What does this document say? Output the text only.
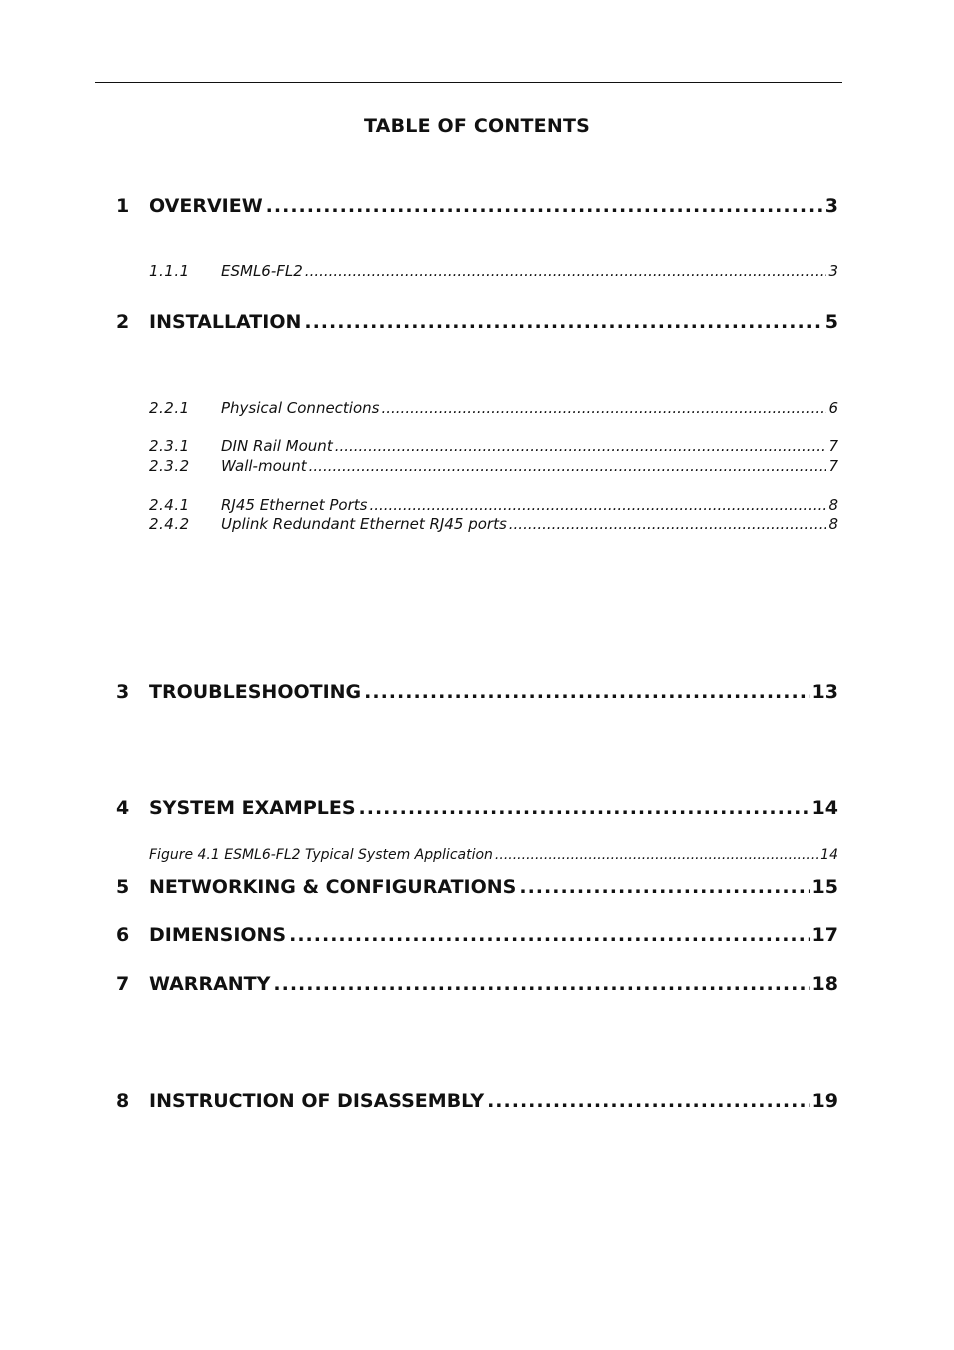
TABLE OF CONTENTS
1 OVERVIEW .....	3
1.1.1 ESML6-FL2 .....	3
2 INSTALLATION .....	5
2.2.1 Physical Connections .....	6
2.3.1 DIN Rail Mount .....	7
2.3.2 Wall-mount .....	7
2.4.1 RJ45 Ethernet Ports .....	8
2.4.2 Uplink Redundant Ethernet RJ45 ports .....	8
3 TROUBLESHOOTING .....	13
4 SYSTEM EXAMPLES .....	14
Figure 4.1 ESML6-FL2 Typical System Application .....	14
5 NETWORKING & CONFIGURATIONS .....	15
6 DIMENSIONS .....	17
7 WARRANTY .....	18
8 INSTRUCTION OF DISASSEMBLY .....	19
